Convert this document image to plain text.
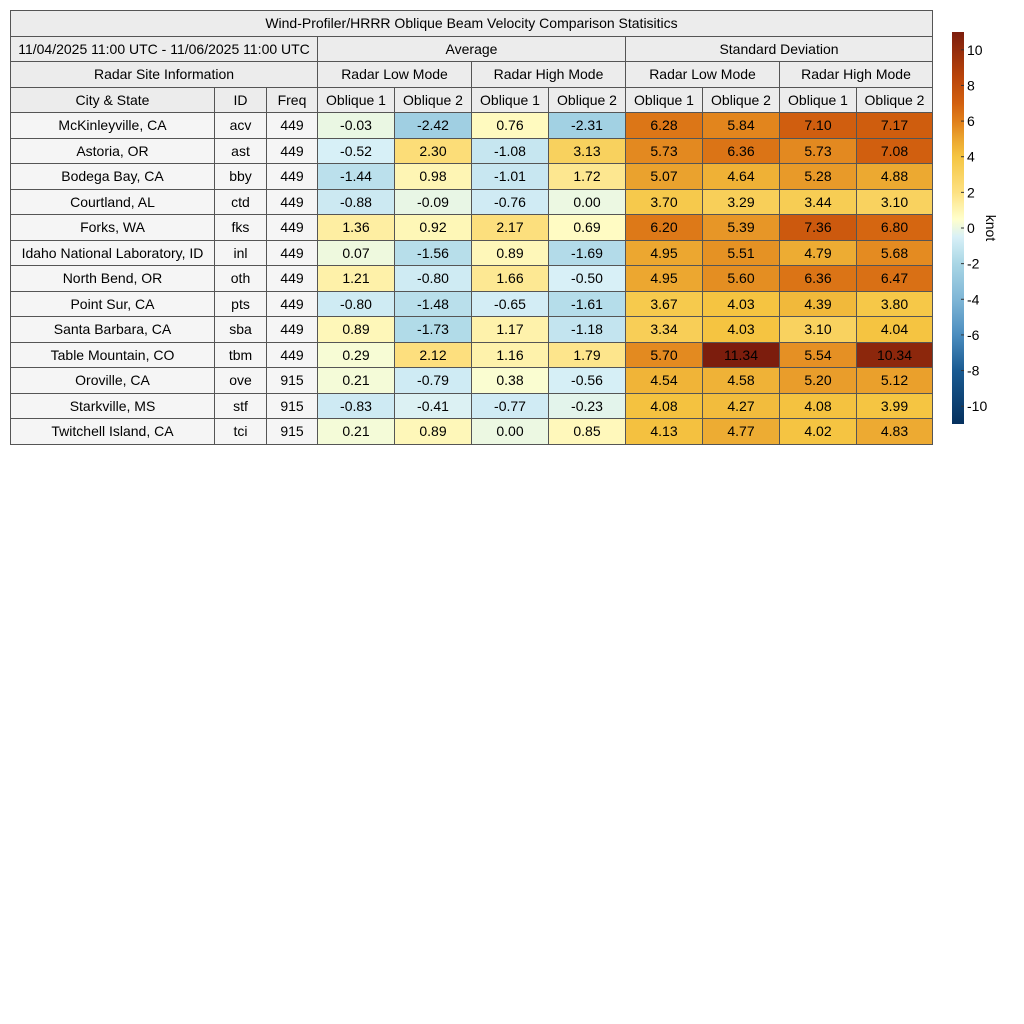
Wind-Profiler/HRRR Oblique Beam Velocity Comparison Statisitics										
11/04/2025 11:00 UTC - 11/06/2025 11:00 UTC			Average				Standard Deviation			
Radar Site Information			Radar Low Mode		Radar High Mode		Radar Low Mode		Radar High Mode	
City & State	ID	Freq	Oblique 1	Oblique 2	Oblique 1	Oblique 2	Oblique 1	Oblique 2	Oblique 1	Oblique 2
McKinleyville, CA	acv	449	-0.03	-2.42	0.76	-2.31	6.28	5.84	7.10	7.17
Astoria, OR	ast	449	-0.52	2.30	-1.08	3.13	5.73	6.36	5.73	7.08
Bodega Bay, CA	bby	449	-1.44	0.98	-1.01	1.72	5.07	4.64	5.28	4.88
Courtland, AL	ctd	449	-0.88	-0.09	-0.76	0.00	3.70	3.29	3.44	3.10
Forks, WA	fks	449	1.36	0.92	2.17	0.69	6.20	5.39	7.36	6.80
Idaho National Laboratory, ID	inl	449	0.07	-1.56	0.89	-1.69	4.95	5.51	4.79	5.68
North Bend, OR	oth	449	1.21	-0.80	1.66	-0.50	4.95	5.60	6.36	6.47
Point Sur, CA	pts	449	-0.80	-1.48	-0.65	-1.61	3.67	4.03	4.39	3.80
Santa Barbara, CA	sba	449	0.89	-1.73	1.17	-1.18	3.34	4.03	3.10	4.04
Table Mountain, CO	tbm	449	0.29	2.12	1.16	1.79	5.70	11.34	5.54	10.34
Oroville, CA	ove	915	0.21	-0.79	0.38	-0.56	4.54	4.58	5.20	5.12
Starkville, MS	stf	915	-0.83	-0.41	-0.77	-0.23	4.08	4.27	4.08	3.99
Twitchell Island, CA	tci	915	0.21	0.89	0.00	0.85	4.13	4.77	4.02	4.83
10
8
6
4
2
0
-2
-4
-6
-8
-10
knot
